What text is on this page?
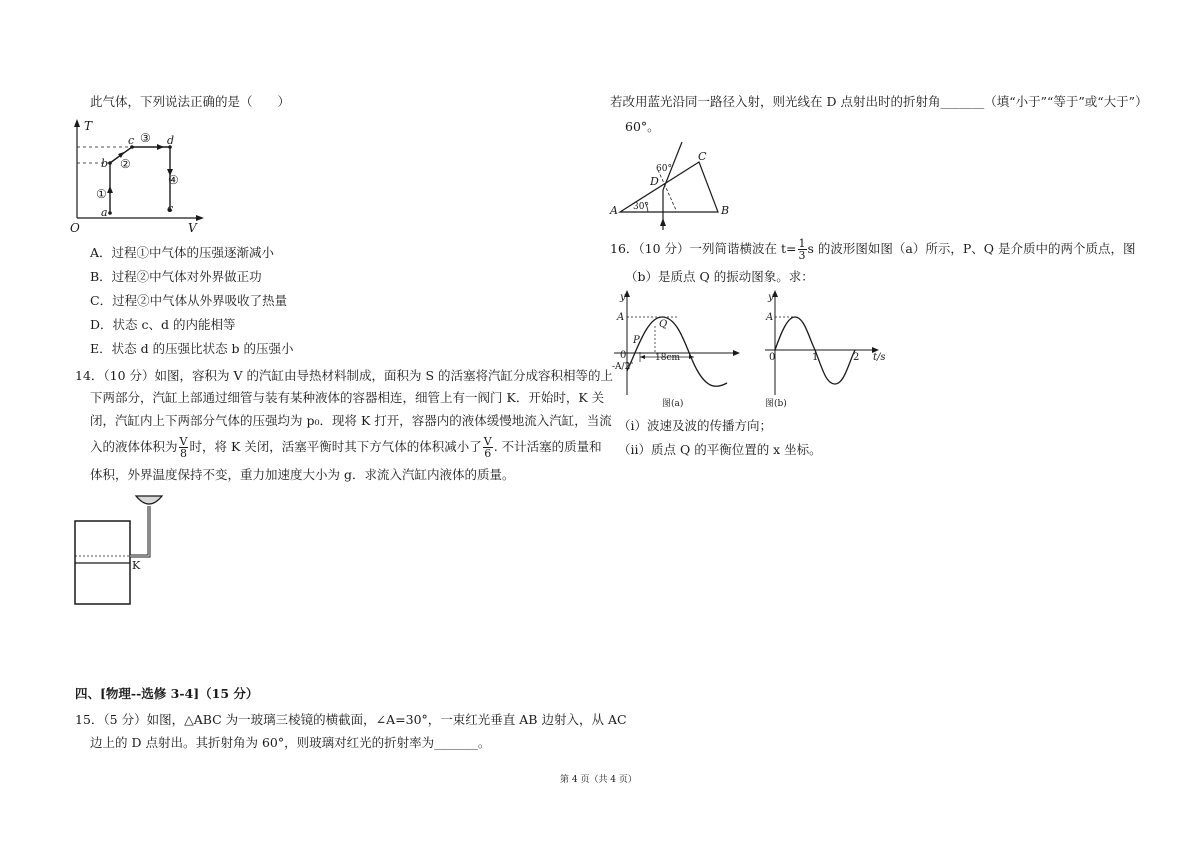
此气体，下列说法正确的是（　　）
T
V
O
a
b
c	d
c
①
②
③
④
A．过程①中气体的压强逐渐减小
B．过程②中气体对外界做正功
C．过程②中气体从外界吸收了热量
D．状态 c、d 的内能相等
E．状态 d 的压强比状态 b 的压强小
14．（10 分）如图，容积为 V 的汽缸由导热材料制成，面积为 S 的活塞将汽缸分成容积相等的上
下两部分，汽缸上部通过细管与装有某种液体的容器相连，细管上有一阀门 K．开始时，K 关
闭，汽缸内上下两部分气体的压强均为 p₀．现将 K 打开，容器内的液体缓慢地流入汽缸，当流
入的液体体积为 $\frac{V}{8}$ 时，将 K 关闭，活塞平衡时其下方气体的体积减小了 $\frac{V}{6}$ . 不计活塞的质量和
体积，外界温度保持不变，重力加速度大小为 g．求流入汽缸内液体的质量。
K
四、[物理--选修 3-4]（15 分）
15．（5 分）如图，△ABC 为一玻璃三棱镜的横截面，∠A=30°，一束红光垂直 AB 边射入，从 AC
边上的 D 点射出。其折射角为 60°，则玻璃对红光的折射率为_______。
若改用蓝光沿同一路径入射，则光线在 D 点射出时的折射角_______（填“小于”“等于”或“大于”）
60°。
A	B
C
D
30°
60°
16．（10 分）一列简谐横波在 $t= \frac{1}{3}$ s 的波形图如图（a）所示，P、Q 是介质中的两个质点，图
（b）是质点 Q 的振动图象。求：
y
A
Q
P
0
-A/2
18cm
图(a)
y
A
0	1	2 t/s
图(b)
（i）波速及波的传播方向；
（ii）质点 Q 的平衡位置的 x 坐标。
第 4 页（共 4 页）
